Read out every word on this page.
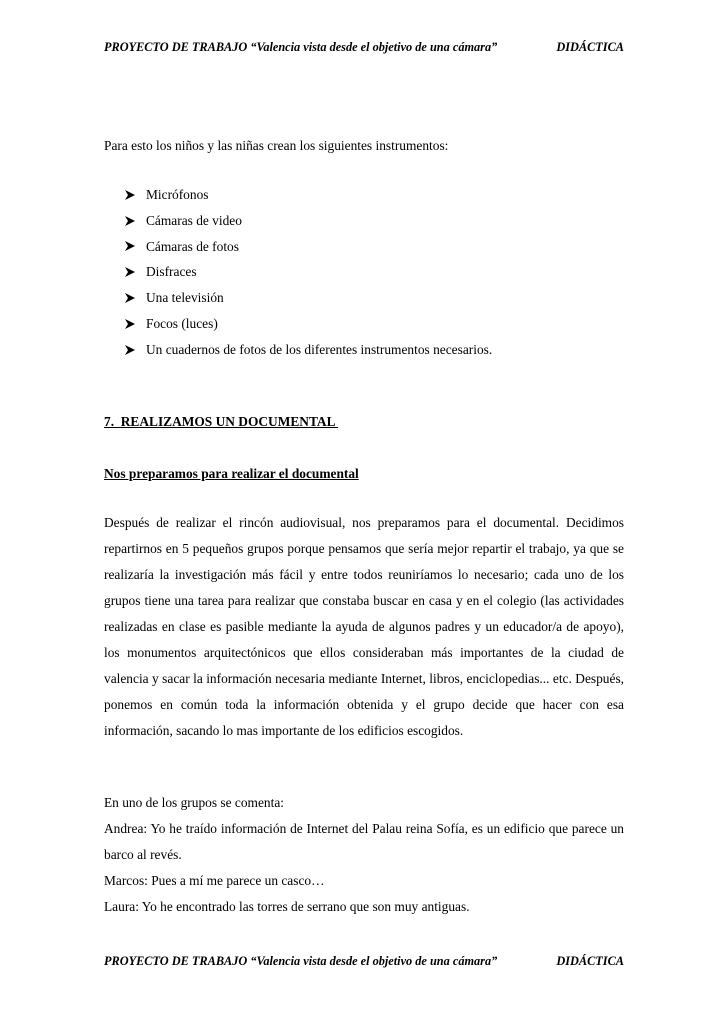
PROYECTO DE TRABAJO “Valencia vista desde el objetivo de una cámara”	DIDÁCTICA
Para esto los niños y las niñas crean los siguientes instrumentos:
Micrófonos
Cámaras de video
Cámaras de fotos
Disfraces
Una televisión
Focos (luces)
Un cuadernos de fotos de los diferentes instrumentos necesarios.
7.  REALIZAMOS UN DOCUMENTAL
Nos preparamos para realizar el documental

Después de realizar el rincón audiovisual, nos preparamos para el documental. Decidimos repartirnos en 5 pequeños grupos porque pensamos que sería mejor repartir el trabajo, ya que se realizaría la investigación más fácil y entre todos reuniríamos lo necesario; cada uno de los grupos tiene una tarea para realizar que constaba buscar en casa y en el colegio (las actividades realizadas en clase es pasible mediante la ayuda de algunos padres y un educador/a de apoyo), los monumentos arquitectónicos que ellos consideraban más importantes de la ciudad de valencia y sacar la información necesaria mediante Internet, libros, enciclopedias... etc. Después, ponemos en común toda la información obtenida y el grupo decide que hacer con esa información, sacando lo mas importante de los edificios escogidos.

En uno de los grupos se comenta:
Andrea: Yo he traído información de Internet del Palau reina Sofía, es un edificio que parece un barco al revés.
Marcos: Pues a mí me parece un casco…
Laura: Yo he encontrado las torres de serrano que son muy antiguas.
PROYECTO DE TRABAJO “Valencia vista desde el objetivo de una cámara”	DIDÁCTICA
